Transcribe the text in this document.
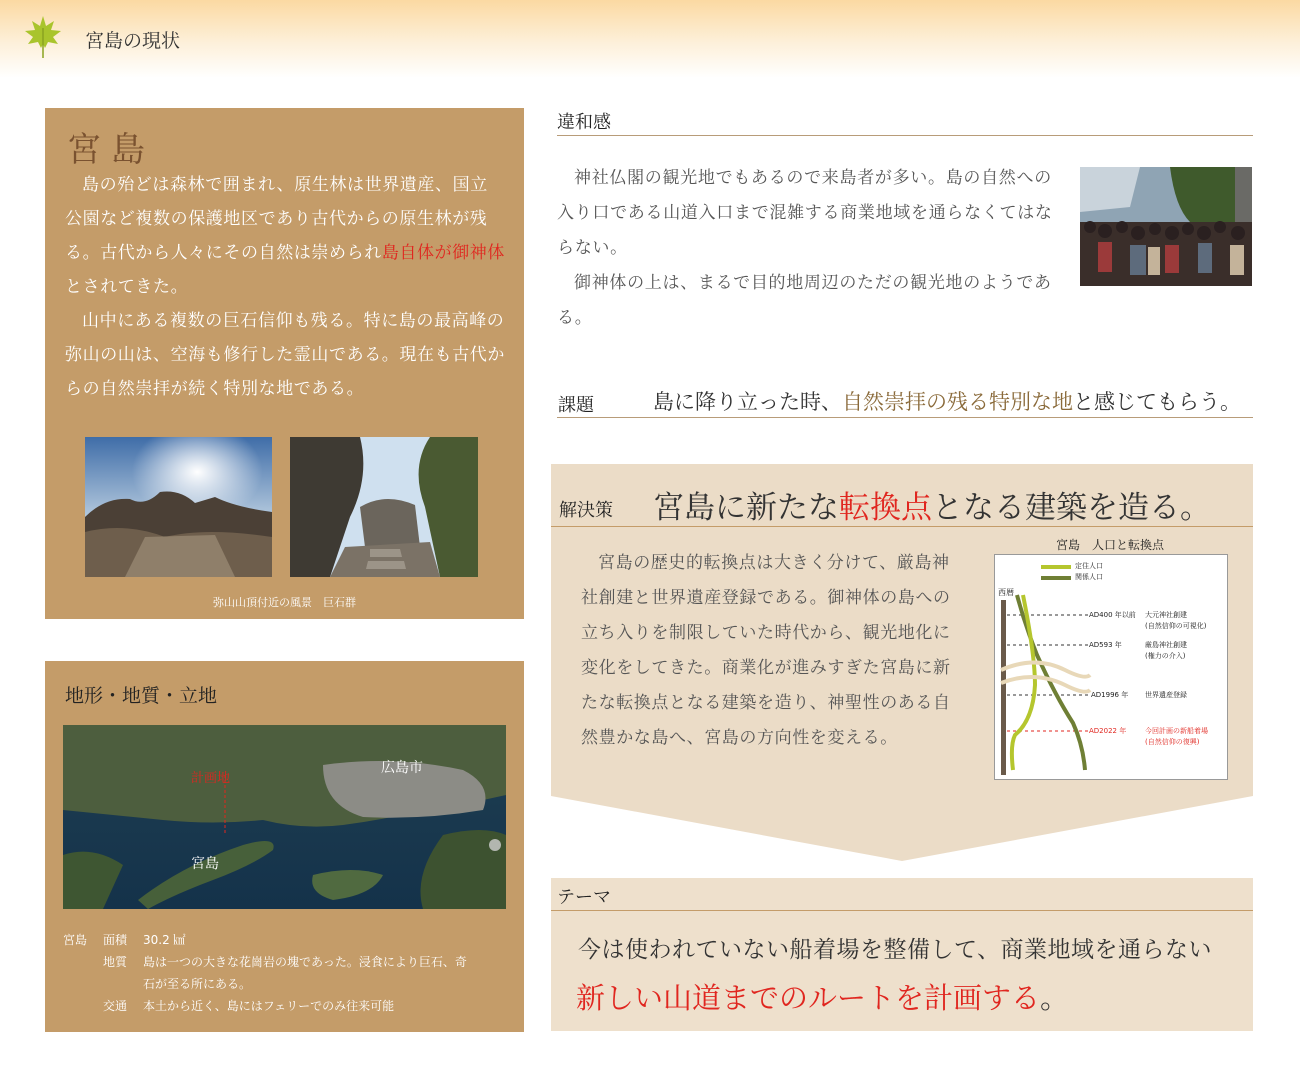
宮島の現状
宮島

島の殆どは森林で囲まれ、原生林は世界遺産、国立公園など複数の保護地区であり古代からの原生林が残る。古代から人々にその自然は崇められ島自体が御神体とされてきた。

山中にある複数の巨石信仰も残る。特に島の最高峰の弥山の山は、空海も修行した霊山である。現在も古代からの自然崇拝が続く特別な地である。

弥山山頂付近の風景　巨石群
地形・地質・立地
計画地
広島市
宮島
宮島	面積	30.2 ㎢
地質	島は一つの大きな花崗岩の塊であった。浸食により巨石、奇
石が至る所にある。
交通	本土から近く、島にはフェリーでのみ往来可能
違和感

神社仏閣の観光地でもあるので来島者が多い。島の自然への入り口である山道入口まで混雑する商業地域を通らなくてはならない。

御神体の上は、まるで目的地周辺のただの観光地のようである。

課題	島に降り立った時、自然崇拝の残る特別な地と感じてもらう。
解決策 宮島に新たな転換点となる建築を造る。

宮島の歴史的転換点は大きく分けて、厳島神社創建と世界遺産登録である。御神体の島への立ち入りを制限していた時代から、観光地化に変化をしてきた。商業化が進みすぎた宮島に新たな転換点となる建築を造り、神聖性のある自然豊かな島へ、宮島の方向性を変える。

宮島　人口と転換点
定住人口
関係人口
西暦
AD400 年以前 大元神社創建
(自然信仰の可視化)
AD593 年	厳島神社創建
(権力の介入)
AD1996 年 世界遺産登録
AD2022 年	今回計画の新船着場
(自然信仰の復興)
テーマ
今は使われていない船着場を整備して、商業地域を通らない
新しい山道までのルートを計画する。
